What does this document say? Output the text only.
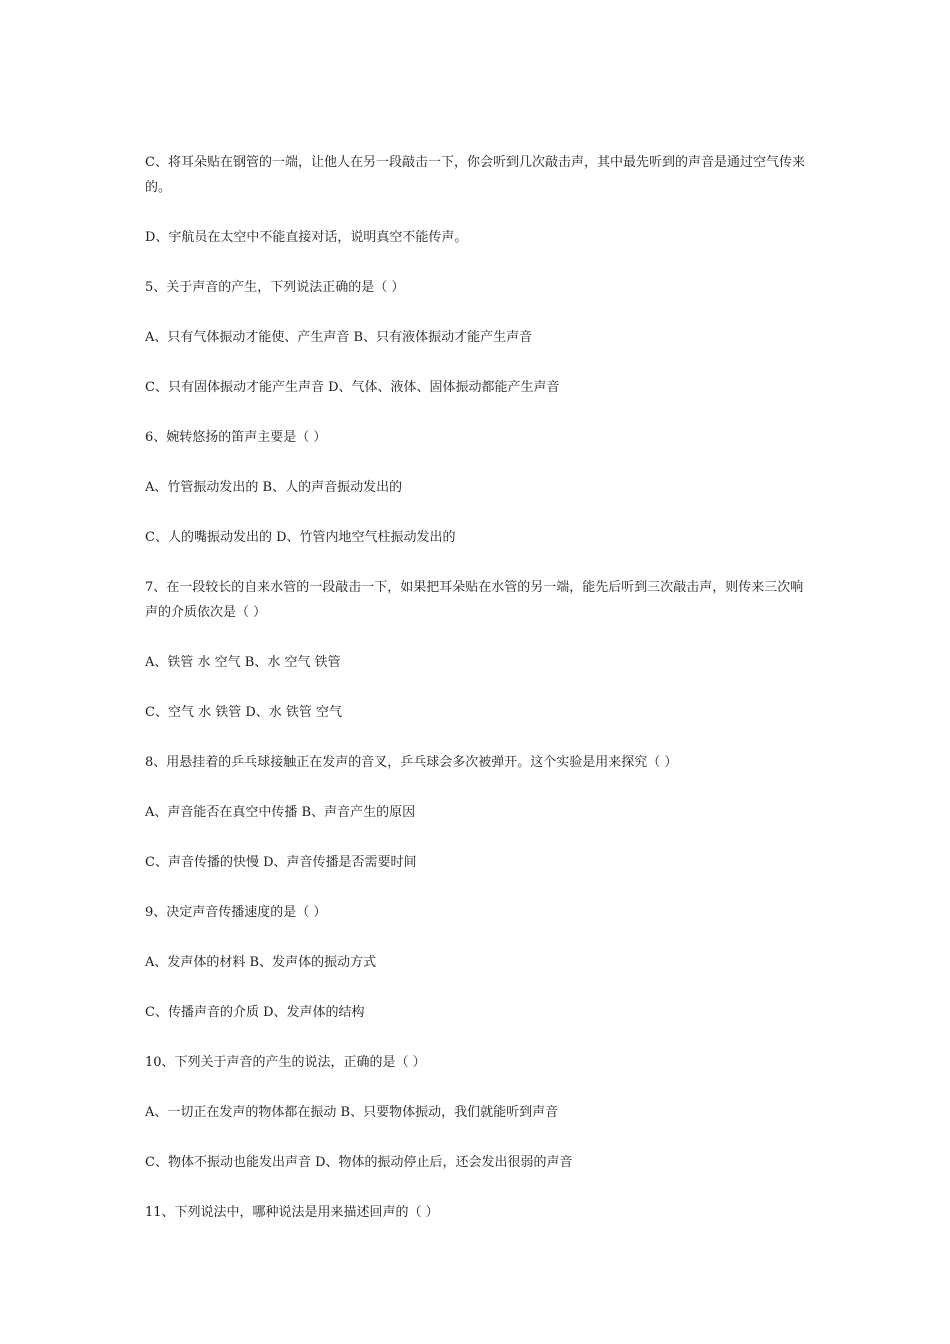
C、将耳朵贴在钢管的一端，让他人在另一段敲击一下，你会听到几次敲击声，其中最先听到的声音是通过空气传来的。

D、宇航员在太空中不能直接对话，说明真空不能传声。

5、关于声音的产生，下列说法正确的是（ ）

A、只有气体振动才能使、产生声音 B、只有液体振动才能产生声音

C、只有固体振动才能产生声音 D、气体、液体、固体振动都能产生声音

6、婉转悠扬的笛声主要是（ ）

A、竹管振动发出的 B、人的声音振动发出的

C、人的嘴振动发出的 D、竹管内地空气柱振动发出的

7、在一段较长的自来水管的一段敲击一下，如果把耳朵贴在水管的另一端，能先后听到三次敲击声，则传来三次响声的介质依次是（ ）

A、铁管 水 空气 B、水 空气 铁管

C、空气 水 铁管 D、水 铁管 空气

8、用悬挂着的乒乓球接触正在发声的音叉，乒乓球会多次被弹开。这个实验是用来探究（ ）

A、声音能否在真空中传播 B、声音产生的原因

C、声音传播的快慢 D、声音传播是否需要时间

9、决定声音传播速度的是（ ）

A、发声体的材料 B、发声体的振动方式

C、传播声音的介质 D、发声体的结构

10、下列关于声音的产生的说法，正确的是（ ）

A、一切正在发声的物体都在振动 B、只要物体振动，我们就能听到声音

C、物体不振动也能发出声音 D、物体的振动停止后，还会发出很弱的声音

11、下列说法中，哪种说法是用来描述回声的（ ）
